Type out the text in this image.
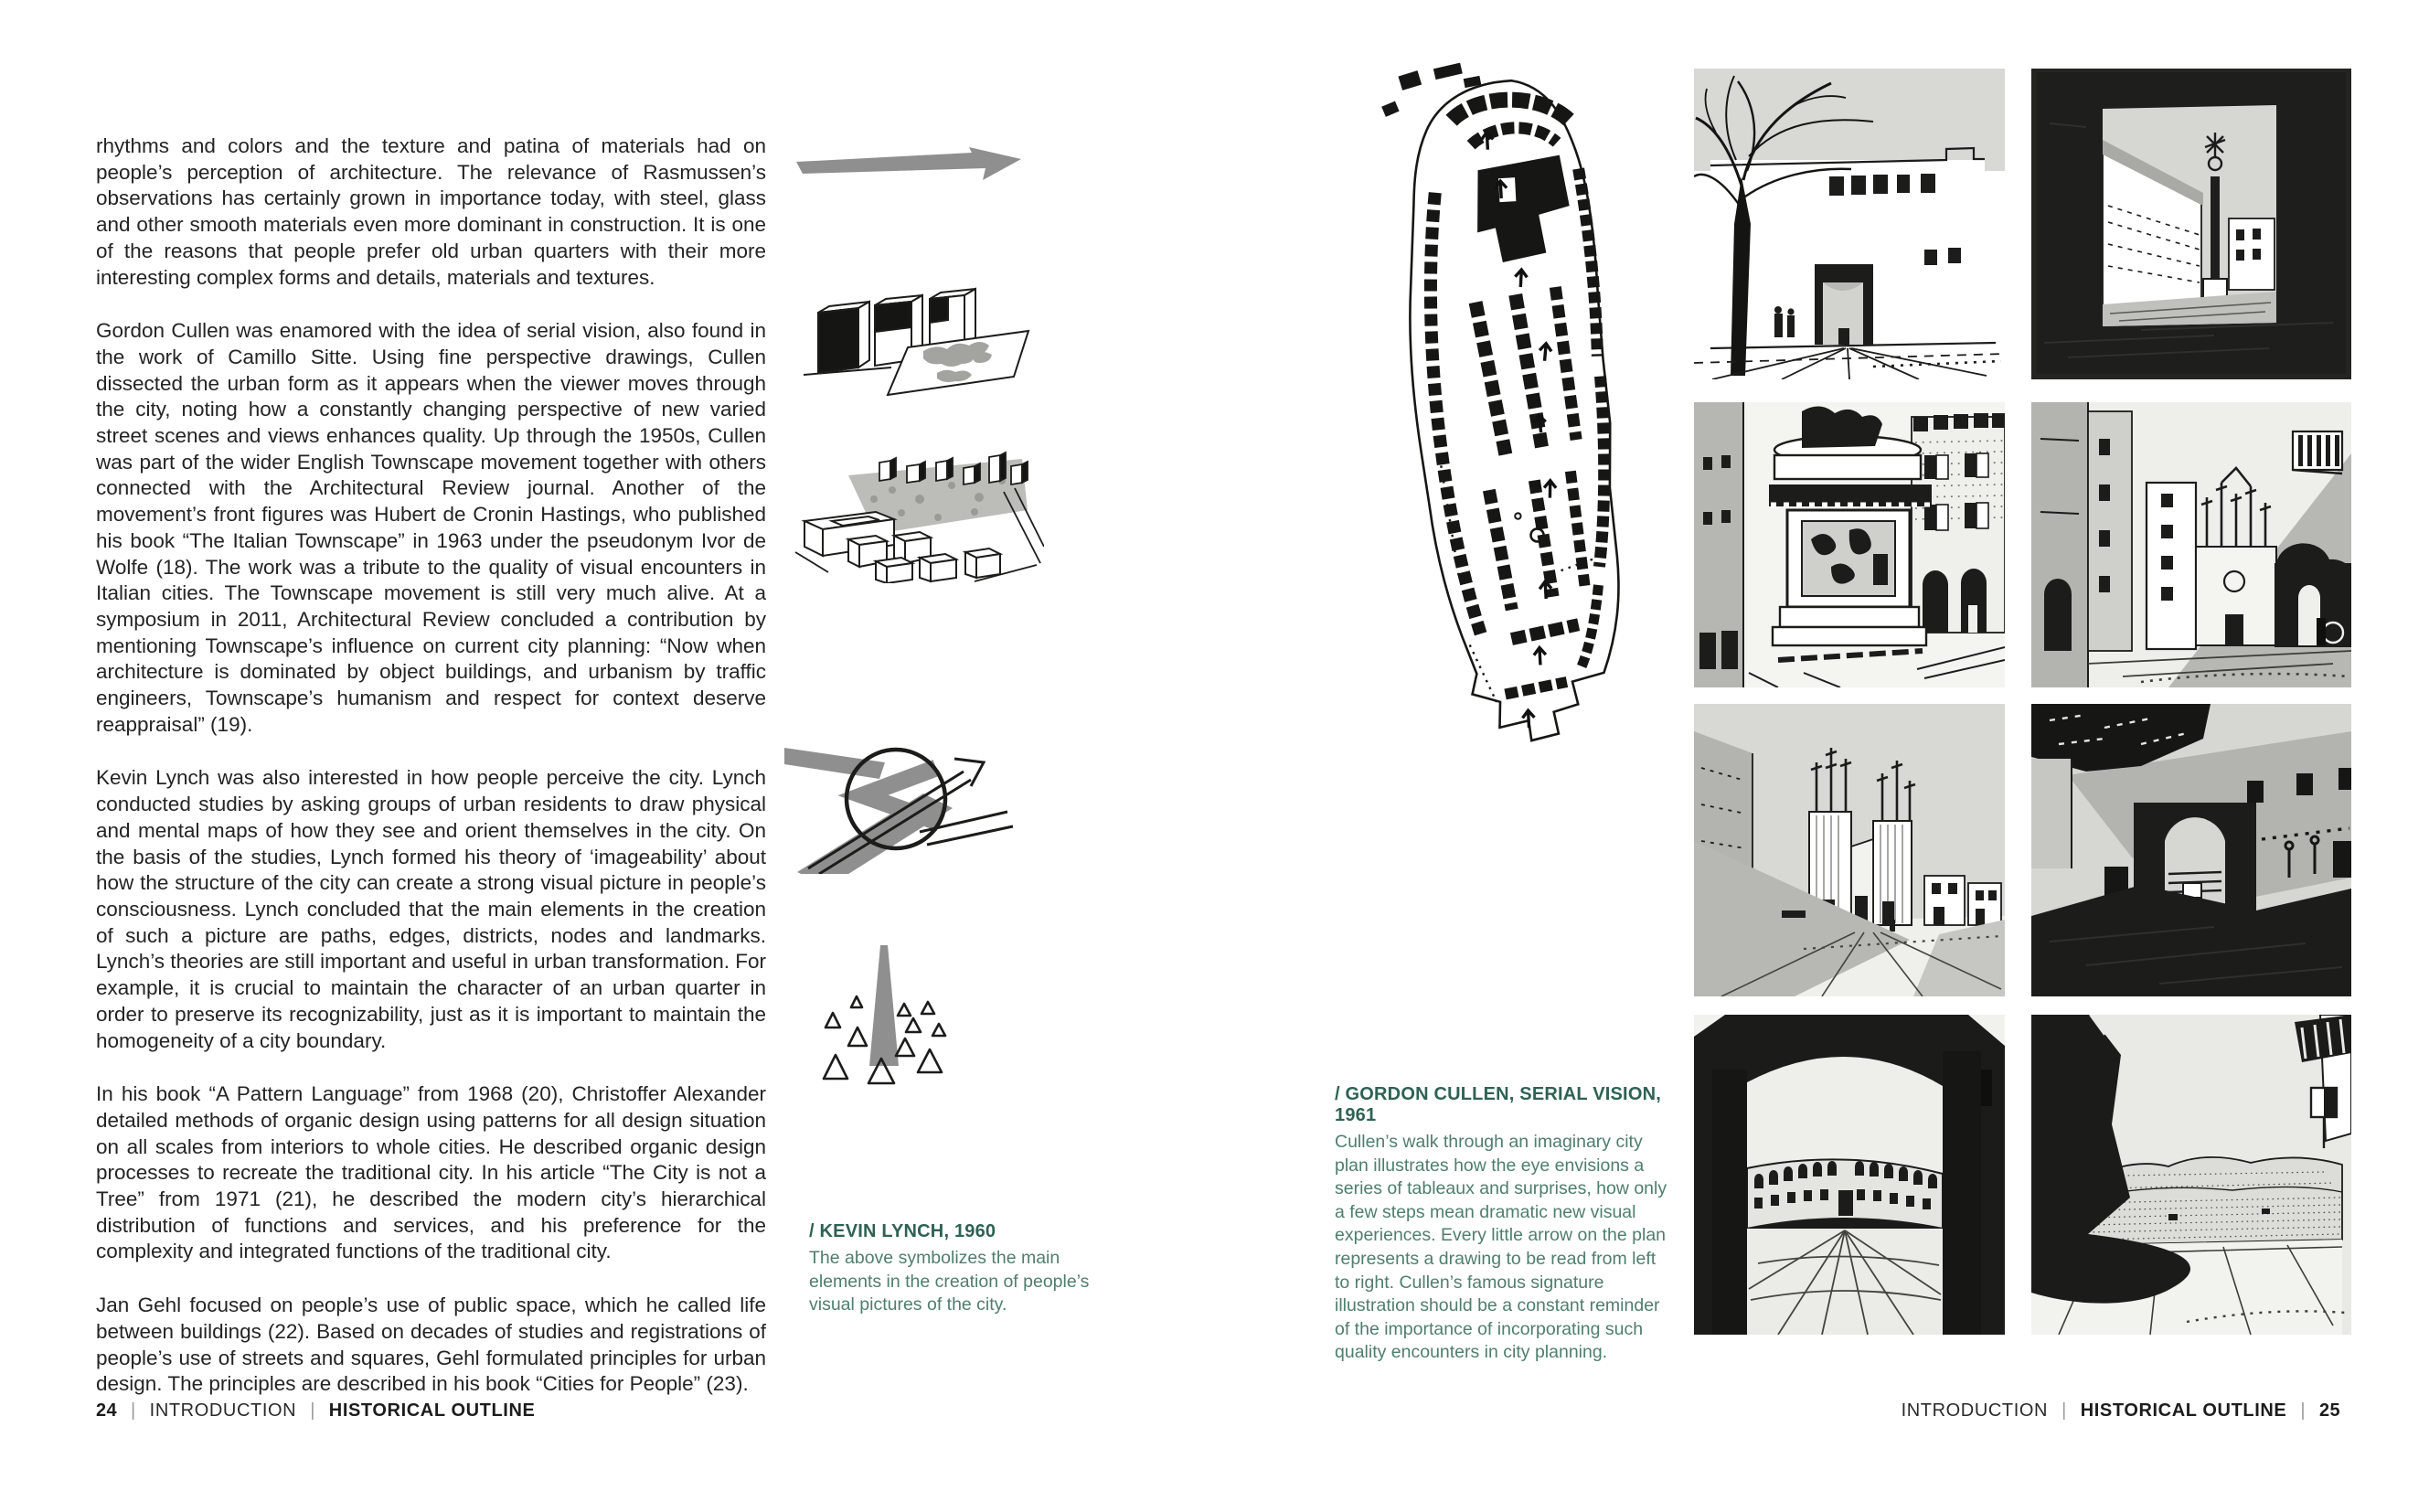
rhythms and colors and the texture and patina of materials had on people’s perception of architecture. The relevance of Rasmussen’s observations has certainly grown in importance today, with steel, glass and other smooth materials even more dominant in construction. It is one of the reasons that people prefer old urban quarters with their more interesting complex forms and details, materials and textures.

Gordon Cullen was enamored with the idea of serial vision, also found in the work of Camillo Sitte. Using fine perspective drawings, Cullen dissected the urban form as it appears when the viewer moves through the city, noting how a constantly changing perspective of new varied street scenes and views enhances quality. Up through the 1950s, Cullen was part of the wider English Townscape movement together with others connected with the Architectural Review journal. Another of the movement’s front figures was Hubert de Cronin Hastings, who published his book “The Italian Townscape” in 1963 under the pseudonym Ivor de Wolfe (18). The work was a tribute to the quality of visual encounters in Italian cities. The Townscape movement is still very much alive. At a symposium in 2011, Architectural Review concluded a contribution by mentioning Townscape’s influence on current city planning: “Now when architecture is dominated by object buildings, and urbanism by traffic engineers, Townscape’s humanism and respect for context deserve reappraisal” (19).

Kevin Lynch was also interested in how people perceive the city. Lynch conducted studies by asking groups of urban residents to draw physical and mental maps of how they see and orient themselves in the city. On the basis of the studies, Lynch formed his theory of ‘imageability’ about how the structure of the city can create a strong visual picture in people’s consciousness. Lynch concluded that the main elements in the creation of such a picture are paths, edges, districts, nodes and landmarks. Lynch’s theories are still important and useful in urban transformation. For example, it is crucial to maintain the character of an urban quarter in order to preserve its recognizability, just as it is important to maintain the homogeneity of a city boundary.

In his book “A Pattern Language” from 1968 (20), Christoffer Alexander detailed methods of organic design using patterns for all design situation on all scales from interiors to whole cities. He described organic design processes to recreate the traditional city. In his article “The City is not a Tree” from 1971 (21), he described the modern city’s hierarchical distribution of functions and services, and his preference for the complexity and integrated functions of the traditional city.

Jan Gehl focused on people’s use of public space, which he called life between buildings (22). Based on decades of studies and registrations of people’s use of streets and squares, Gehl formulated principles for urban design. The principles are described in his book “Cities for People” (23).

/ KEVIN LYNCH, 1960

The above symbolizes the main elements in the creation of people’s visual pictures of the city.

24 | INTRODUCTION | HISTORICAL OUTLINE

/ GORDON CULLEN, SERIAL VISION, 1961

Cullen’s walk through an imaginary city plan illustrates how the eye envisions a series of tableaux and surprises, how only a few steps mean dramatic new visual experiences. Every little arrow on the plan represents a drawing to be read from left to right. Cullen’s famous signature illustration should be a constant reminder of the importance of incorporating such quality encounters in city planning.

INTRODUCTION | HISTORICAL OUTLINE | 25
